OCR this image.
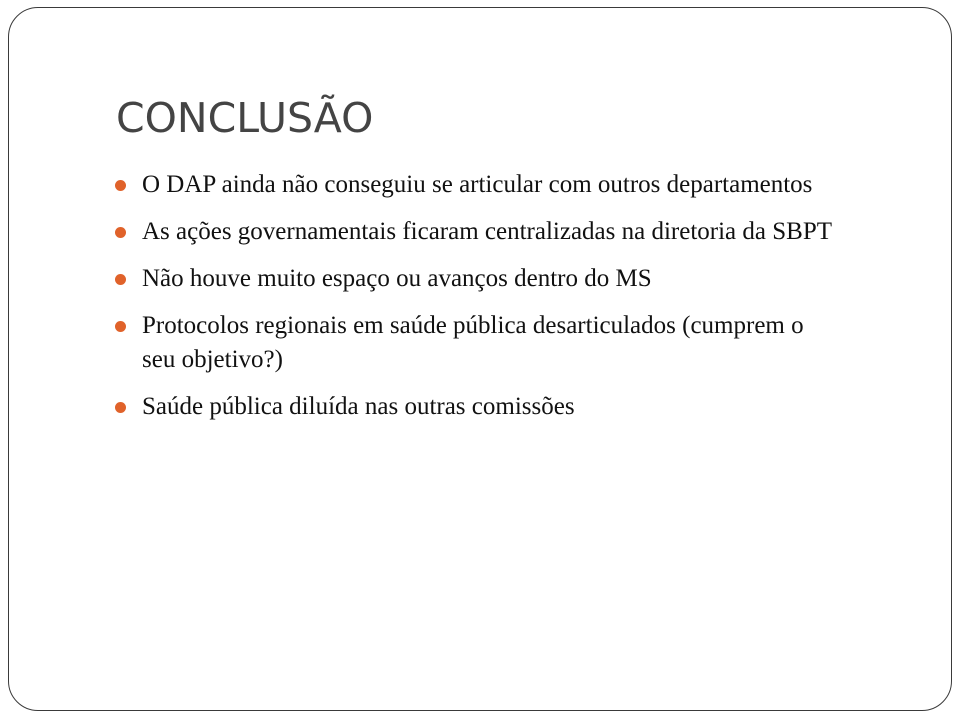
CONCLUSÃO
O DAP ainda não conseguiu se articular com outros departamentos
As ações governamentais ficaram centralizadas na diretoria da SBPT
Não houve muito espaço ou avanços dentro do MS
Protocolos regionais em saúde pública desarticulados (cumprem o seu objetivo?)
Saúde pública diluída nas outras comissões
